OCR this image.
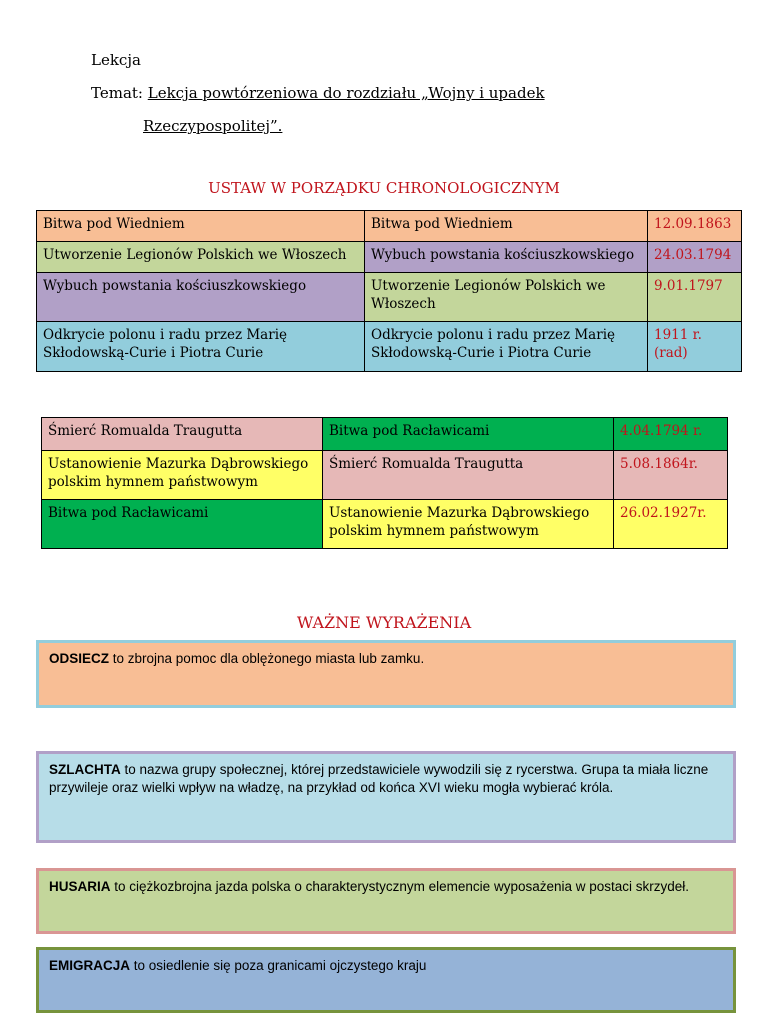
Lekcja
Temat: Lekcja powtórzeniowa do rozdziału „Wojny i upadek
Rzeczypospolitej”.
USTAW W PORZĄDKU CHRONOLOGICZNYM
Bitwa pod Wiedniem	Bitwa pod Wiedniem	12.09.1863
Utworzenie Legionów Polskich we Włoszech	Wybuch powstania kościuszkowskiego	24.03.1794
Wybuch powstania kościuszkowskiego	Utworzenie Legionów Polskich we Włoszech	9.01.1797
Odkrycie polonu i radu przez Marię Skłodowską-Curie i Piotra Curie	Odkrycie polonu i radu przez Marię Skłodowską-Curie i Piotra Curie	1911 r. (rad)
Śmierć Romualda Traugutta	Bitwa pod Racławicami	4.04.1794 r.
Ustanowienie Mazurka Dąbrowskiego polskim hymnem państwowym	Śmierć Romualda Traugutta	5.08.1864r.
Bitwa pod Racławicami	Ustanowienie Mazurka Dąbrowskiego polskim hymnem państwowym	26.02.1927r.
WAŻNE WYRAŻENIA
ODSIECZ to zbrojna pomoc dla oblężonego miasta lub zamku.
SZLACHTA to nazwa grupy społecznej, której przedstawiciele wywodzili się z rycerstwa. Grupa ta miała liczne przywileje oraz wielki wpływ na władzę, na przykład od końca XVI wieku mogła wybierać króla.
HUSARIA to ciężkozbrojna jazda polska o charakterystycznym elemencie wyposażenia w postaci skrzydeł.
EMIGRACJA to osiedlenie się poza granicami ojczystego kraju
